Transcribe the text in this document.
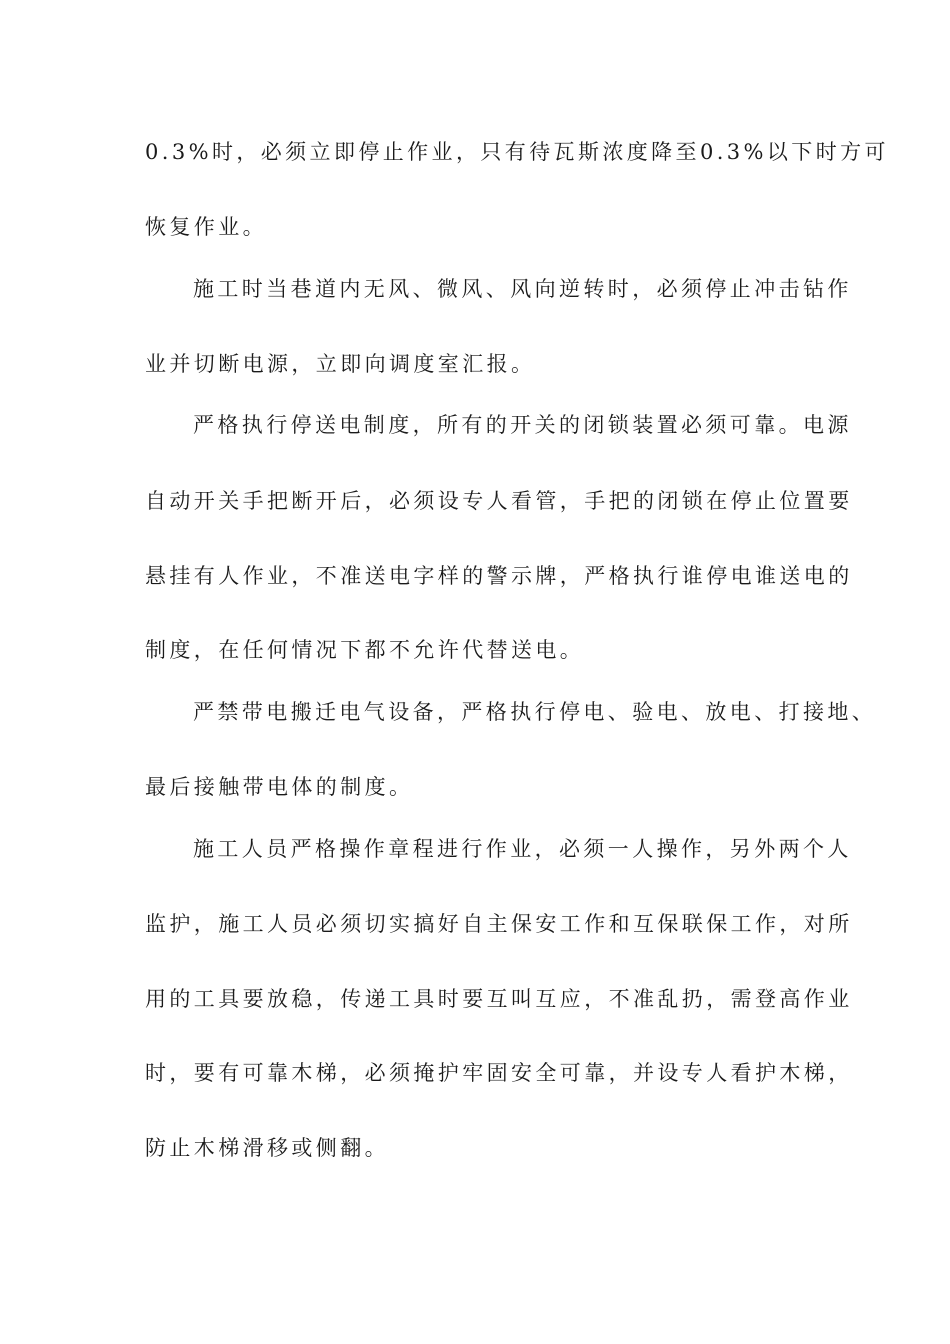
0.3%时，必须立即停止作业，只有待瓦斯浓度降至0.3%以下时方可
恢复作业。
施工时当巷道内无风、微风、风向逆转时，必须停止冲击钻作
业并切断电源，立即向调度室汇报。
严格执行停送电制度，所有的开关的闭锁装置必须可靠。电源
自动开关手把断开后，必须设专人看管，手把的闭锁在停止位置要
悬挂有人作业，不准送电字样的警示牌，严格执行谁停电谁送电的
制度，在任何情况下都不允许代替送电。
严禁带电搬迁电气设备，严格执行停电、验电、放电、打接地、
最后接触带电体的制度。
施工人员严格操作章程进行作业，必须一人操作，另外两个人
监护，施工人员必须切实搞好自主保安工作和互保联保工作，对所
用的工具要放稳，传递工具时要互叫互应，不准乱扔，需登高作业
时，要有可靠木梯，必须掩护牢固安全可靠，并设专人看护木梯，
防止木梯滑移或侧翻。
